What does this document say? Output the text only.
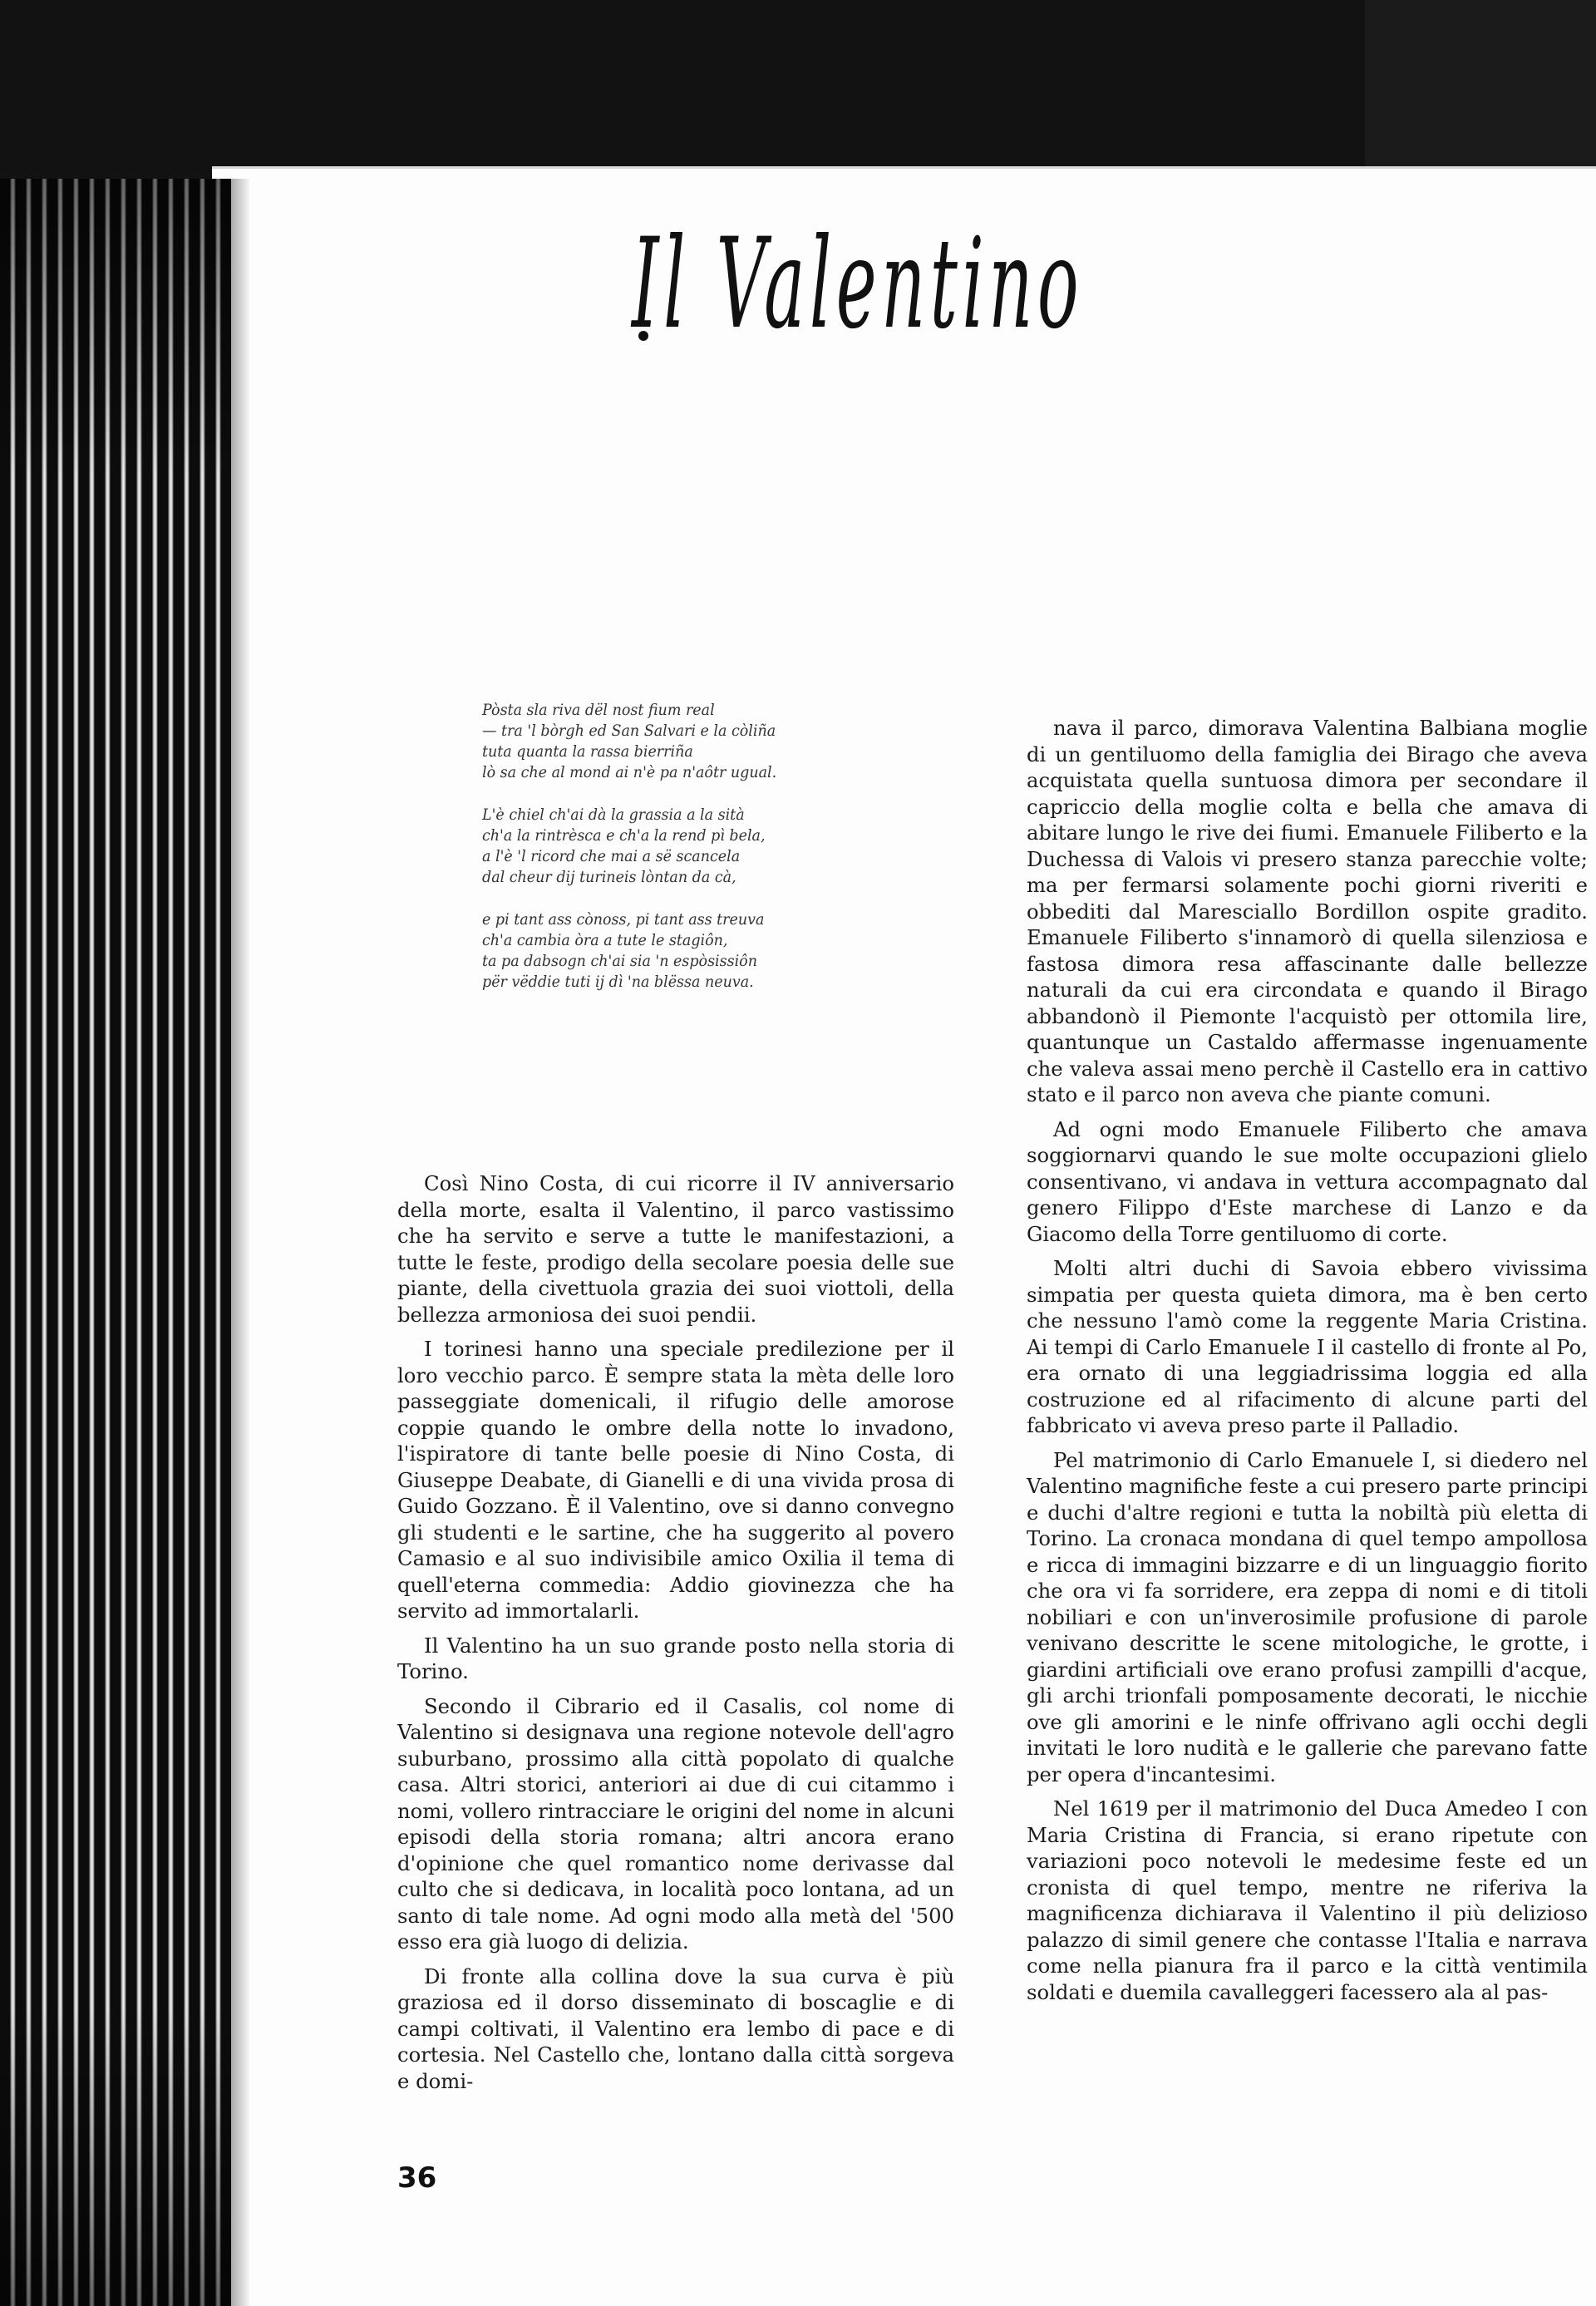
Il Valentino
Pòsta sla riva dël nost fium real
— tra 'l bòrgh ed San Salvari e la còliña
tuta quanta la rassa bierriña
lò sa che al mond ai n'è pa n'aôtr ugual.
L'è chiel ch'ai dà la grassia a la sità
ch'a la rintrèsca e ch'a la rend pì bela,
a l'è 'l ricord che mai a së scancela
dal cheur dij turineis lòntan da cà,
e pi tant ass cònoss, pi tant ass treuva
ch'a cambia òra a tute le stagiôn,
ta pa dabsogn ch'ai sia 'n espòsissiôn
për vëddie tuti ij dì 'na blëssa neuva.

Così Nino Costa, di cui ricorre il IV anniversario della morte, esalta il Valentino, il parco vastissimo che ha servito e serve a tutte le manifestazioni, a tutte le feste, prodigo della secolare poesia delle sue piante, della civettuola grazia dei suoi viottoli, della bellezza armoniosa dei suoi pendii.

I torinesi hanno una speciale predilezione per il loro vecchio parco. È sempre stata la mèta delle loro passeggiate domenicali, il rifugio delle amorose coppie quando le ombre della notte lo invadono, l'ispiratore di tante belle poesie di Nino Costa, di Giuseppe Deabate, di Gianelli e di una vivida prosa di Guido Gozzano. È il Valentino, ove si danno convegno gli studenti e le sartine, che ha suggerito al povero Camasio e al suo indivisibile amico Oxilia il tema di quell'eterna commedia: Addio giovinezza che ha servito ad immortalarli.

Il Valentino ha un suo grande posto nella storia di Torino.

Secondo il Cibrario ed il Casalis, col nome di Valentino si designava una regione notevole dell'agro suburbano, prossimo alla città popolato di qualche casa. Altri storici, anteriori ai due di cui citammo i nomi, vollero rintracciare le origini del nome in alcuni episodi della storia romana; altri ancora erano d'opinione che quel romantico nome derivasse dal culto che si dedicava, in località poco lontana, ad un santo di tale nome. Ad ogni modo alla metà del '500 esso era già luogo di delizia.

Di fronte alla collina dove la sua curva è più graziosa ed il dorso disseminato di boscaglie e di campi coltivati, il Valentino era lembo di pace e di cortesia. Nel Castello che, lontano dalla città sorgeva e domi-

nava il parco, dimorava Valentina Balbiana moglie di un gentiluomo della famiglia dei Birago che aveva acquistata quella suntuosa dimora per secondare il capriccio della moglie colta e bella che amava di abitare lungo le rive dei fiumi. Emanuele Filiberto e la Duchessa di Valois vi presero stanza parecchie volte; ma per fermarsi solamente pochi giorni riveriti e obbediti dal Maresciallo Bordillon ospite gradito. Emanuele Filiberto s'innamorò di quella silenziosa e fastosa dimora resa affascinante dalle bellezze naturali da cui era circondata e quando il Birago abbandonò il Piemonte l'acquistò per ottomila lire, quantunque un Castaldo affermasse ingenuamente che valeva assai meno perchè il Castello era in cattivo stato e il parco non aveva che piante comuni.

Ad ogni modo Emanuele Filiberto che amava soggiornarvi quando le sue molte occupazioni glielo consentivano, vi andava in vettura accompagnato dal genero Filippo d'Este marchese di Lanzo e da Giacomo della Torre gentiluomo di corte.

Molti altri duchi di Savoia ebbero vivissima simpatia per questa quieta dimora, ma è ben certo che nessuno l'amò come la reggente Maria Cristina. Ai tempi di Carlo Emanuele I il castello di fronte al Po, era ornato di una leggiadrissima loggia ed alla costruzione ed al rifacimento di alcune parti del fabbricato vi aveva preso parte il Palladio.

Pel matrimonio di Carlo Emanuele I, si diedero nel Valentino magnifiche feste a cui presero parte principi e duchi d'altre regioni e tutta la nobiltà più eletta di Torino. La cronaca mondana di quel tempo ampollosa e ricca di immagini bizzarre e di un linguaggio fiorito che ora vi fa sorridere, era zeppa di nomi e di titoli nobiliari e con un'inverosimile profusione di parole venivano descritte le scene mitologiche, le grotte, i giardini artificiali ove erano profusi zampilli d'acque, gli archi trionfali pomposamente decorati, le nicchie ove gli amorini e le ninfe offrivano agli occhi degli invitati le loro nudità e le gallerie che parevano fatte per opera d'incantesimi.

Nel 1619 per il matrimonio del Duca Amedeo I con Maria Cristina di Francia, si erano ripetute con variazioni poco notevoli le medesime feste ed un cronista di quel tempo, mentre ne riferiva la magnificenza dichiarava il Valentino il più delizioso palazzo di simil genere che contasse l'Italia e narrava come nella pianura fra il parco e la città ventimila soldati e duemila cavalleggeri facessero ala al pas-

36
